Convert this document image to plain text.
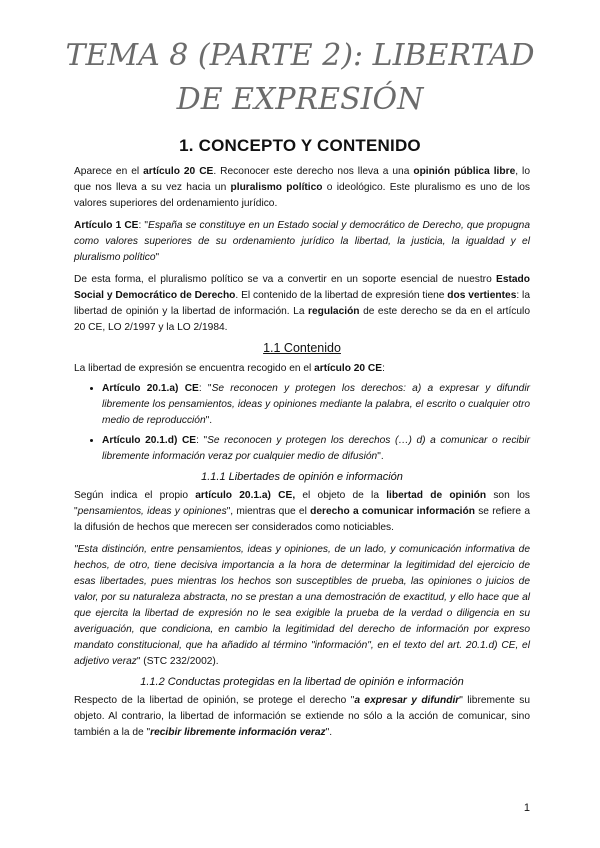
TEMA 8 (PARTE 2): LIBERTAD
DE EXPRESIÓN
1. CONCEPTO Y CONTENIDO

Aparece en el artículo 20 CE. Reconocer este derecho nos lleva a una opinión pública libre, lo que nos lleva a su vez hacia un pluralismo político o ideológico. Este pluralismo es uno de los valores superiores del ordenamiento jurídico.

Artículo 1 CE: "España se constituye en un Estado social y democrático de Derecho, que propugna como valores superiores de su ordenamiento jurídico la libertad, la justicia, la igualdad y el pluralismo político"

De esta forma, el pluralismo político se va a convertir en un soporte esencial de nuestro Estado Social y Democrático de Derecho. El contenido de la libertad de expresión tiene dos vertientes: la libertad de opinión y la libertad de información. La regulación de este derecho se da en el artículo 20 CE, LO 2/1997 y la LO 2/1984.

1.1 Contenido

La libertad de expresión se encuentra recogido en el artículo 20 CE:

• Artículo 20.1.a) CE: "Se reconocen y protegen los derechos: a) a expresar y difundir libremente los pensamientos, ideas y opiniones mediante la palabra, el escrito o cualquier otro medio de reproducción".
• Artículo 20.1.d) CE: "Se reconocen y protegen los derechos (…) d) a comunicar o recibir libremente información veraz por cualquier medio de difusión".
1.1.1 Libertades de opinión e información

Según indica el propio artículo 20.1.a) CE, el objeto de la libertad de opinión son los "pensamientos, ideas y opiniones", mientras que el derecho a comunicar información se refiere a la difusión de hechos que merecen ser considerados como noticiables.

"Esta distinción, entre pensamientos, ideas y opiniones, de un lado, y comunicación informativa de hechos, de otro, tiene decisiva importancia a la hora de determinar la legitimidad del ejercicio de esas libertades, pues mientras los hechos son susceptibles de prueba, las opiniones o juicios de valor, por su naturaleza abstracta, no se prestan a una demostración de exactitud, y ello hace que al que ejercita la libertad de expresión no le sea exigible la prueba de la verdad o diligencia en su averiguación, que condiciona, en cambio la legitimidad del derecho de información por expreso mandato constitucional, que ha añadido al término "información", en el texto del art. 20.1.d) CE, el adjetivo veraz" (STC 232/2002).

1.1.2 Conductas protegidas en la libertad de opinión e información

Respecto de la libertad de opinión, se protege el derecho "a expresar y difundir" libremente su objeto. Al contrario, la libertad de información se extiende no sólo a la acción de comunicar, sino también a la de "recibir libremente información veraz".

1
